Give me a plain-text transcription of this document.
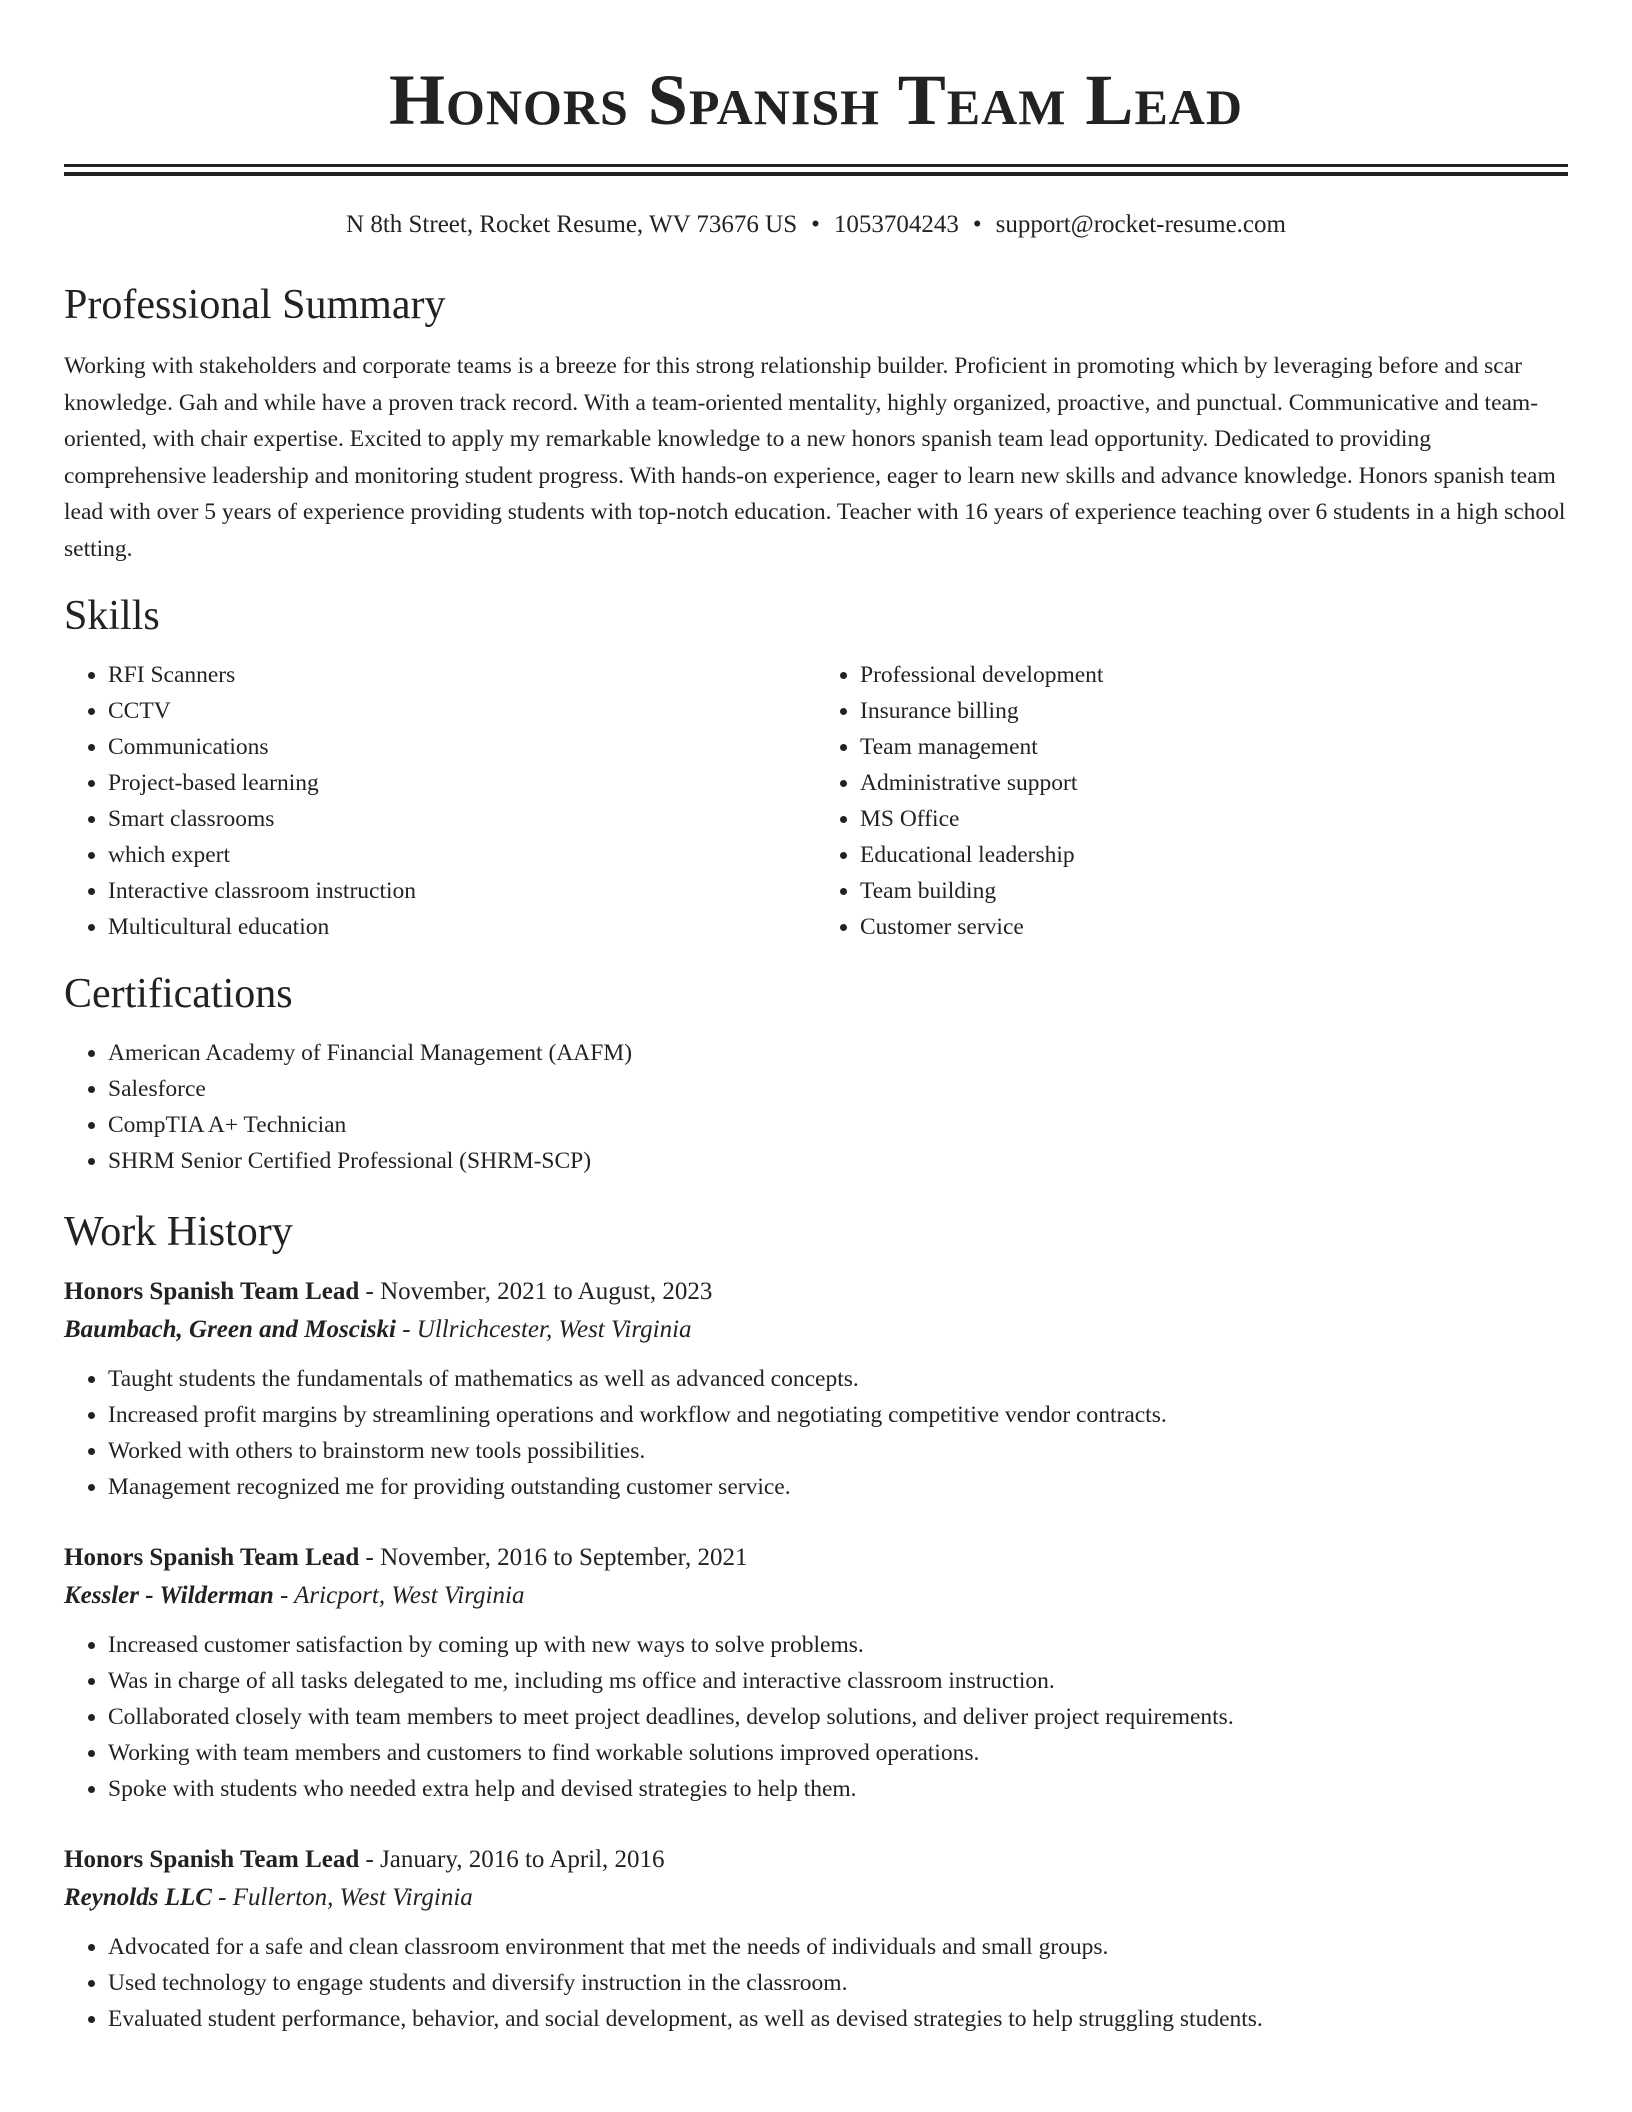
Honors Spanish Team Lead
N 8th Street, Rocket Resume, WV 73676 US • 1053704243 • support@rocket-resume.com
Professional Summary
Working with stakeholders and corporate teams is a breeze for this strong relationship builder. Proficient in promoting which by leveraging before and scar knowledge. Gah and while have a proven track record. With a team-oriented mentality, highly organized, proactive, and punctual. Communicative and team-oriented, with chair expertise. Excited to apply my remarkable knowledge to a new honors spanish team lead opportunity. Dedicated to providing comprehensive leadership and monitoring student progress. With hands-on experience, eager to learn new skills and advance knowledge. Honors spanish team lead with over 5 years of experience providing students with top-notch education. Teacher with 16 years of experience teaching over 6 students in a high school setting.
Skills
• RFI Scanners
• CCTV
• Communications
• Project-based learning
• Smart classrooms
• which expert
• Interactive classroom instruction
• Multicultural education
• Professional development
• Insurance billing
• Team management
• Administrative support
• MS Office
• Educational leadership
• Team building
• Customer service
Certifications
• American Academy of Financial Management (AAFM)
• Salesforce
• CompTIA A+ Technician
• SHRM Senior Certified Professional (SHRM-SCP)
Work History
Honors Spanish Team Lead - November, 2021 to August, 2023
Baumbach, Green and Mosciski - Ullrichcester, West Virginia
• Taught students the fundamentals of mathematics as well as advanced concepts.
• Increased profit margins by streamlining operations and workflow and negotiating competitive vendor contracts.
• Worked with others to brainstorm new tools possibilities.
• Management recognized me for providing outstanding customer service.
Honors Spanish Team Lead - November, 2016 to September, 2021
Kessler - Wilderman - Aricport, West Virginia
• Increased customer satisfaction by coming up with new ways to solve problems.
• Was in charge of all tasks delegated to me, including ms office and interactive classroom instruction.
• Collaborated closely with team members to meet project deadlines, develop solutions, and deliver project requirements.
• Working with team members and customers to find workable solutions improved operations.
• Spoke with students who needed extra help and devised strategies to help them.
Honors Spanish Team Lead - January, 2016 to April, 2016
Reynolds LLC - Fullerton, West Virginia
• Advocated for a safe and clean classroom environment that met the needs of individuals and small groups.
• Used technology to engage students and diversify instruction in the classroom.
• Evaluated student performance, behavior, and social development, as well as devised strategies to help struggling students.
